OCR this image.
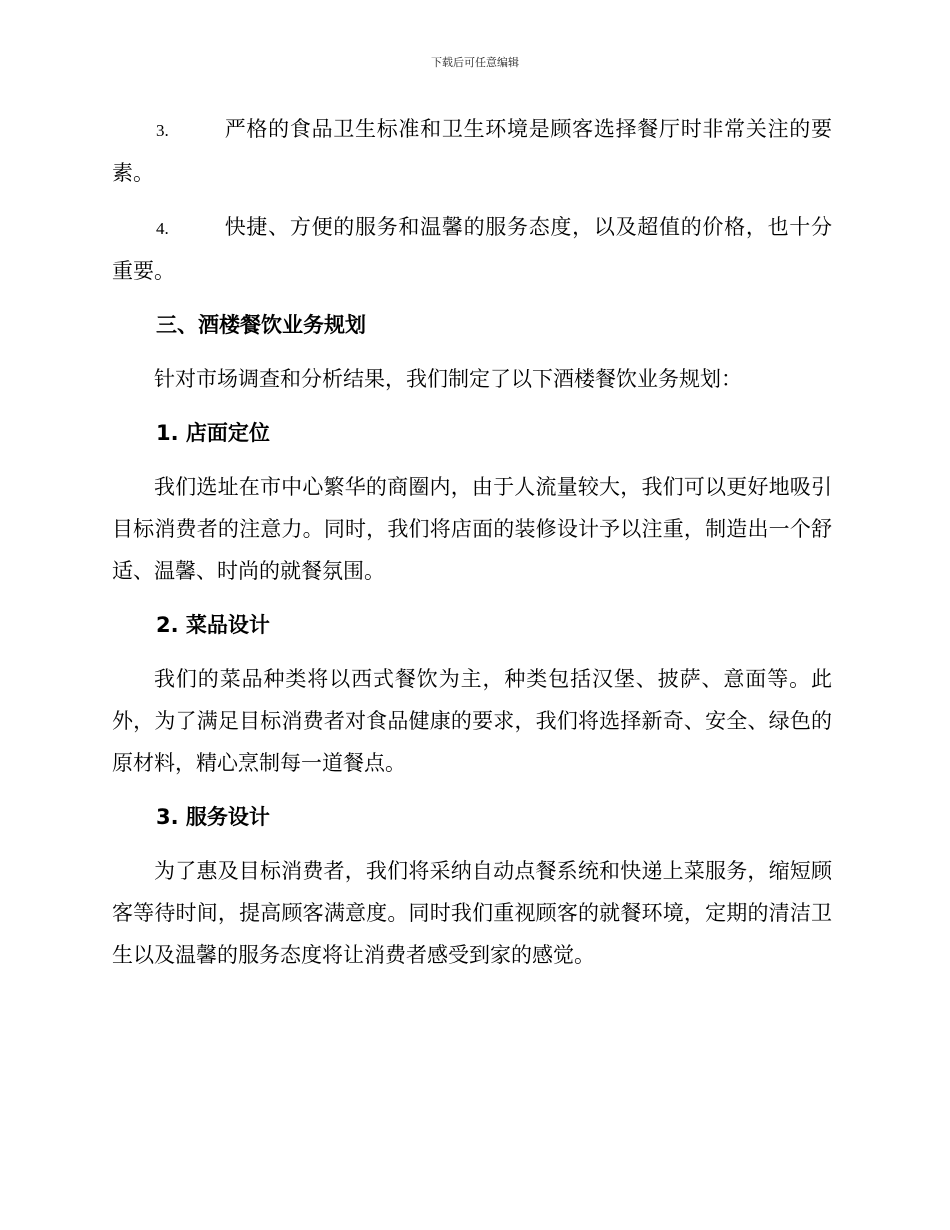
下载后可任意编辑
3.	严格的食品卫生标准和卫生环境是顾客选择餐厅时非常关注的要素。
4.	快捷、方便的服务和温馨的服务态度，以及超值的价格，也十分重要。
三、酒楼餐饮业务规划

针对市场调查和分析结果，我们制定了以下酒楼餐饮业务规划：

1. 店面定位

我们选址在市中心繁华的商圈内，由于人流量较大，我们可以更好地吸引目标消费者的注意力。同时，我们将店面的装修设计予以注重，制造出一个舒适、温馨、时尚的就餐氛围。

2. 菜品设计

我们的菜品种类将以西式餐饮为主，种类包括汉堡、披萨、意面等。此外，为了满足目标消费者对食品健康的要求，我们将选择新奇、安全、绿色的原材料，精心烹制每一道餐点。

3. 服务设计

为了惠及目标消费者，我们将采纳自动点餐系统和快递上菜服务，缩短顾客等待时间，提高顾客满意度。同时我们重视顾客的就餐环境，定期的清洁卫生以及温馨的服务态度将让消费者感受到家的感觉。
